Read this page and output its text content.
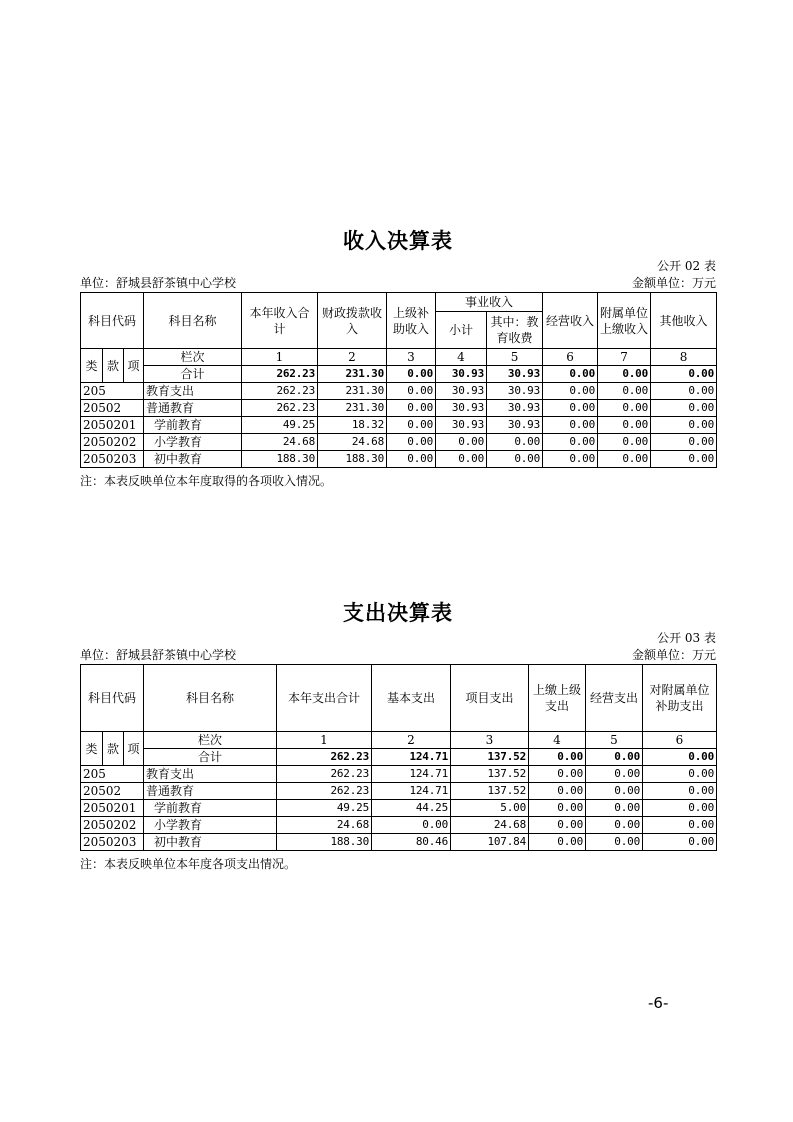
收入决算表
公开 02 表
单位：舒城县舒茶镇中心学校	金额单位：万元
科目代码			科目名称	本年收入合计	财政拨款收入	上级补助收入	事业收入		经营收入	附属单位上缴收入	其他收入
							小计	其中：教育收费			
类	款	项	栏次	1	2	3	4	5	6	7	8
			合计	262.23	231.30	0.00	30.93	30.93	0.00	0.00	0.00
205			教育支出	262.23	231.30	0.00	30.93	30.93	0.00	0.00	0.00
20502			普通教育	262.23	231.30	0.00	30.93	30.93	0.00	0.00	0.00
2050201			学前教育	49.25	18.32	0.00	30.93	30.93	0.00	0.00	0.00
2050202			小学教育	24.68	24.68	0.00	0.00	0.00	0.00	0.00	0.00
2050203			初中教育	188.30	188.30	0.00	0.00	0.00	0.00	0.00	0.00
注：本表反映单位本年度取得的各项收入情况。
支出决算表
公开 03 表
单位：舒城县舒茶镇中心学校	金额单位：万元
科目代码			科目名称	本年支出合计	基本支出	项目支出	上缴上级支出	经营支出	对附属单位补助支出
类	款	项	栏次	1	2	3	4	5	6
			合计	262.23	124.71	137.52	0.00	0.00	0.00
205			教育支出	262.23	124.71	137.52	0.00	0.00	0.00
20502			普通教育	262.23	124.71	137.52	0.00	0.00	0.00
2050201			学前教育	49.25	44.25	5.00	0.00	0.00	0.00
2050202			小学教育	24.68	0.00	24.68	0.00	0.00	0.00
2050203			初中教育	188.30	80.46	107.84	0.00	0.00	0.00
注：本表反映单位本年度各项支出情况。
-6-
